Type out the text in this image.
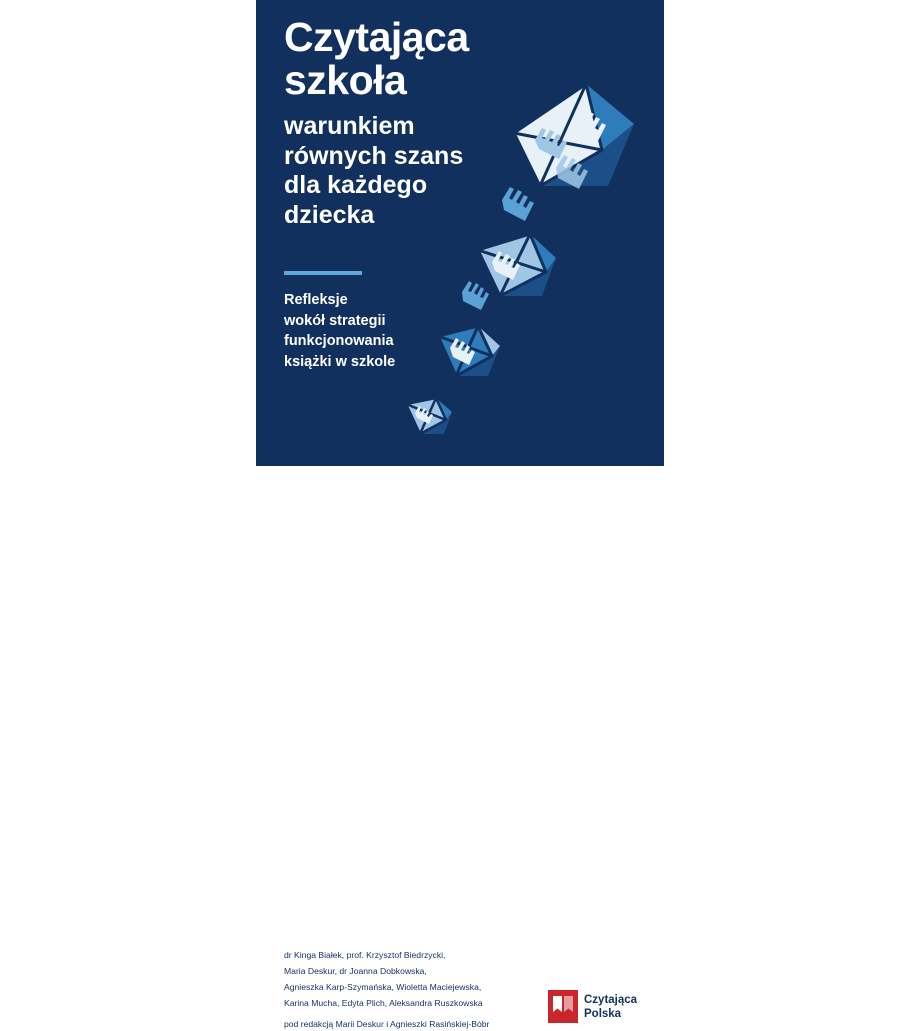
Czytająca
szkoła
warunkiem
równych szans
dla każdego
dziecka
Refleksje
wokół strategii
funkcjonowania
książki w szkole
dr Kinga Białek, prof. Krzysztof Biedrzycki,
Maria Deskur, dr Joanna Dobkowska,
Agnieszka Karp-Szymańska, Wioletta Maciejewska,
Karina Mucha, Edyta Plich, Aleksandra Ruszkowska
pod redakcją Marii Deskur i Agnieszki Rasińskiej-Bóbr
Czytająca
Polska
